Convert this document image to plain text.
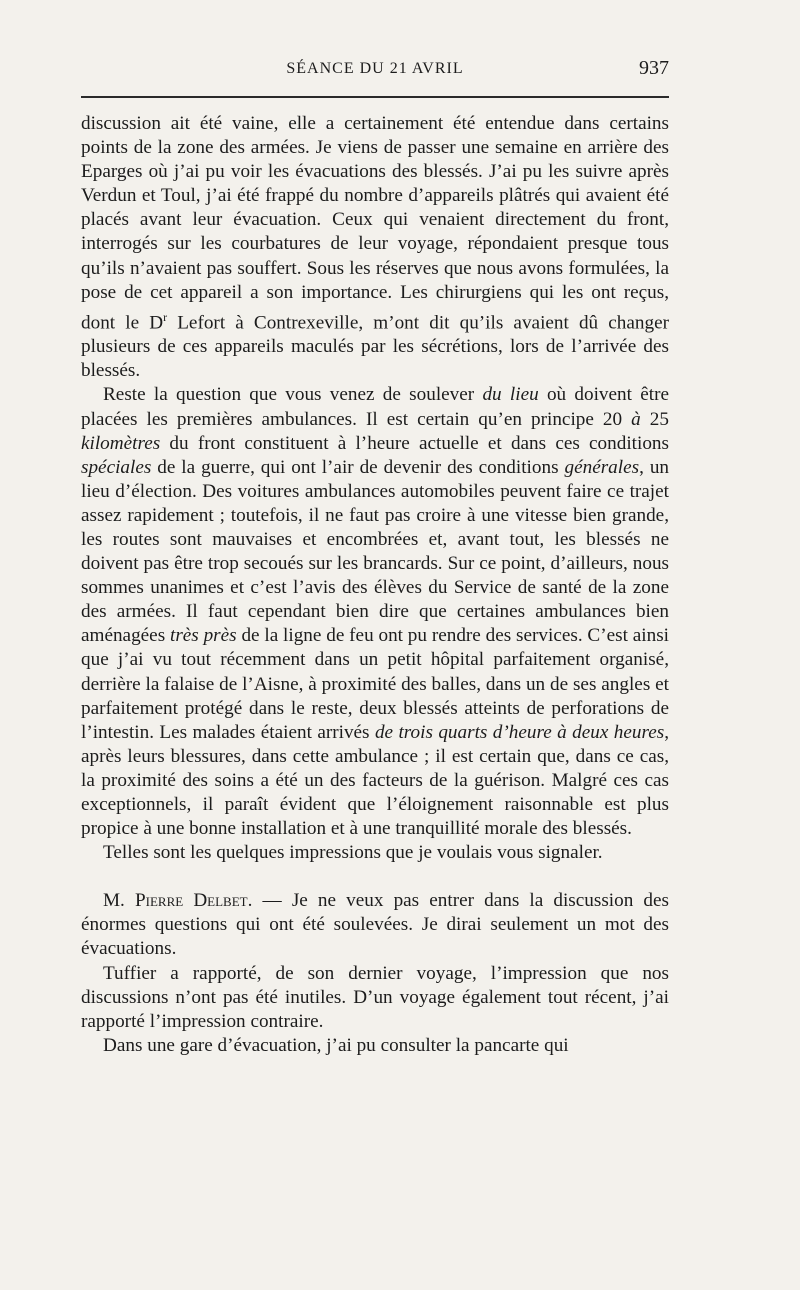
SÉANCE DU 21 AVRIL	937

discussion ait été vaine, elle a certainement été entendue dans certains points de la zone des armées. Je viens de passer une semaine en arrière des Eparges où j’ai pu voir les évacuations des blessés. J’ai pu les suivre après Verdun et Toul, j’ai été frappé du nombre d’appareils plâtrés qui avaient été placés avant leur évacuation. Ceux qui venaient directement du front, interrogés sur les courbatures de leur voyage, répondaient presque tous qu’ils n’avaient pas souffert. Sous les réserves que nous avons formulées, la pose de cet appareil a son importance. Les chirurgiens qui les ont reçus, dont le $D^r$ Lefort à Contrexeville, m’ont dit qu’ils avaient dû changer plusieurs de ces appareils maculés par les sécrétions, lors de l’arrivée des blessés.

Reste la question que vous venez de soulever du lieu où doivent être placées les premières ambulances. Il est certain qu’en principe 20 à 25 kilomètres du front constituent à l’heure actuelle et dans ces conditions spéciales de la guerre, qui ont l’air de devenir des conditions générales, un lieu d’élection. Des voitures ambulances automobiles peuvent faire ce trajet assez rapidement ; toutefois, il ne faut pas croire à une vitesse bien grande, les routes sont mauvaises et encombrées et, avant tout, les blessés ne doivent pas être trop secoués sur les brancards. Sur ce point, d’ailleurs, nous sommes unanimes et c’est l’avis des élèves du Service de santé de la zone des armées. Il faut cependant bien dire que certaines ambulances bien aménagées très près de la ligne de feu ont pu rendre des services. C’est ainsi que j’ai vu tout récemment dans un petit hôpital parfaitement organisé, derrière la falaise de l’Aisne, à proximité des balles, dans un de ses angles et parfaitement protégé dans le reste, deux blessés atteints de perforations de l’intestin. Les malades étaient arrivés de trois quarts d’heure à deux heures, après leurs blessures, dans cette ambulance ; il est certain que, dans ce cas, la proximité des soins a été un des facteurs de la guérison. Malgré ces cas exceptionnels, il paraît évident que l’éloignement raisonnable est plus propice à une bonne installation et à une tranquillité morale des blessés.

Telles sont les quelques impressions que je voulais vous signaler.

M. Pierre Delbet. — Je ne veux pas entrer dans la discussion des énormes questions qui ont été soulevées. Je dirai seulement un mot des évacuations.

Tuffier a rapporté, de son dernier voyage, l’impression que nos discussions n’ont pas été inutiles. D’un voyage également tout récent, j’ai rapporté l’impression contraire.

Dans une gare d’évacuation, j’ai pu consulter la pancarte qui
